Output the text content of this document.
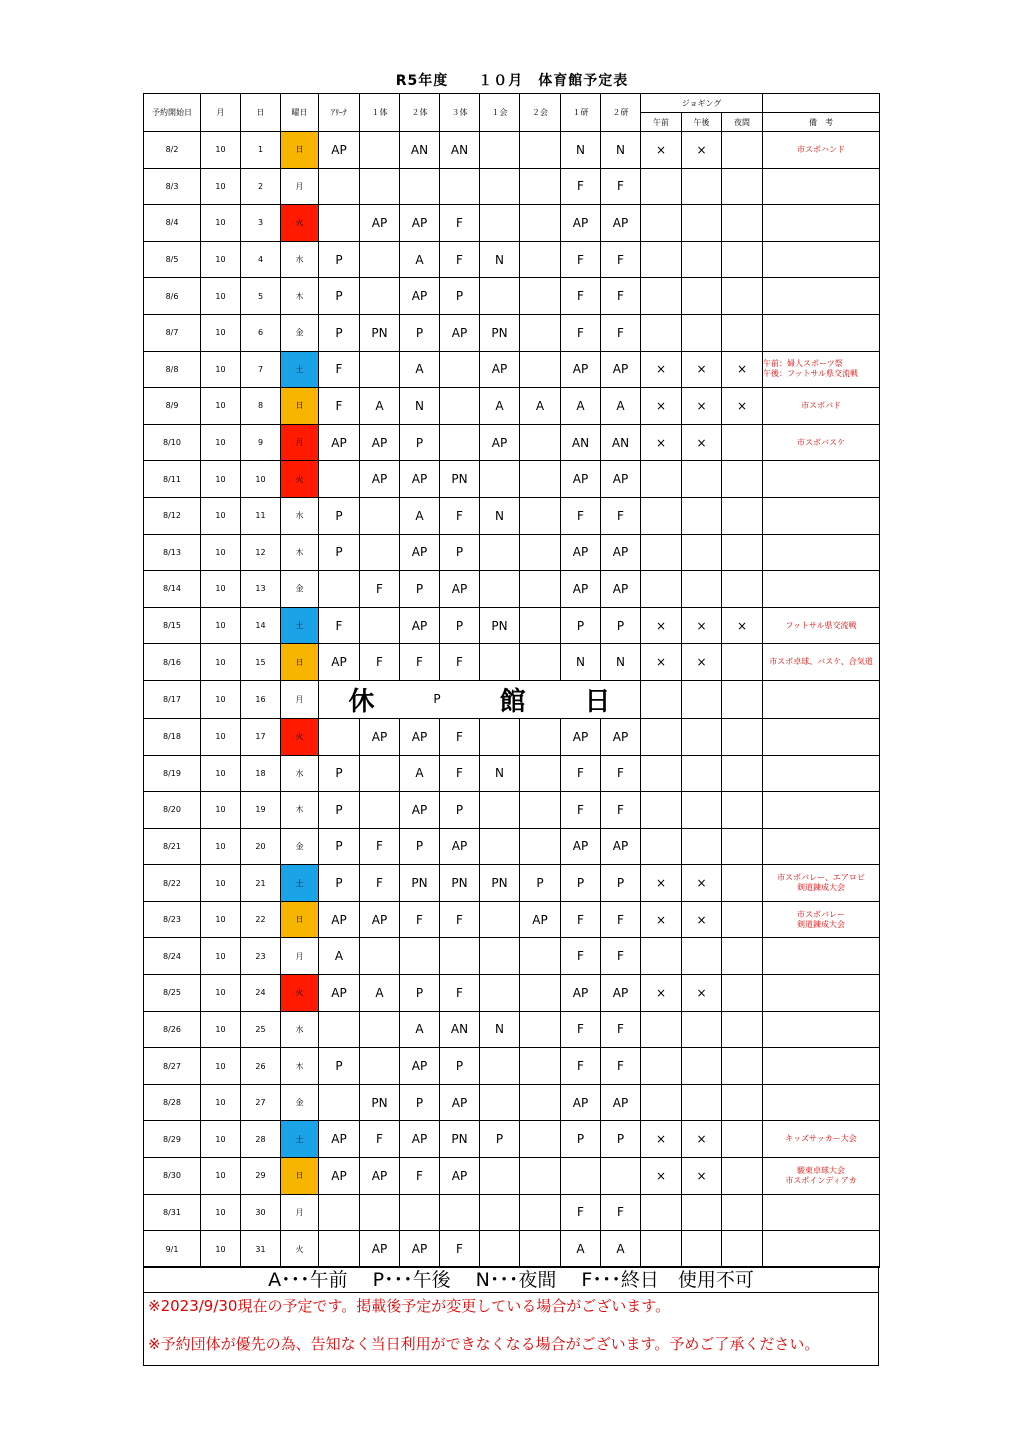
R5年度　　１０月　体育館予定表
予約開始日	月	日	曜日	ｱﾘｰﾅ	１体	２体	３体	１会	２会	１研	２研	ジョギング			
												午前	午後	夜間	備　考
8/2	10	1	日	AP		AN	AN			N	N	×	×		市スポハンド

8/3	10	2	月							F	F				
8/4	10	3	火		AP	AP	F			AP	AP				
8/5	10	4	水	P		A	F	N		F	F				
8/6	10	5	木	P		AP	P			F	F				
8/7	10	6	金	P	PN	P	AP	PN		F	F				
8/8	10	7	土	F		A		AP		AP	AP	×	×	×	午前：婦人スポーツ祭
午後：フットサル県交流戦

8/9	10	8	日	F	A	N		A	A	A	A	×	×	×	市スポバド

8/10	10	9	月	AP	AP	P		AP		AN	AN	×	×		市スポバスケ

8/11	10	10	火		AP	AP	PN			AP	AP				
8/12	10	11	水	P		A	F	N		F	F				
8/13	10	12	木	P		AP	P			AP	AP				
8/14	10	13	金		F	P	AP			AP	AP				
8/15	10	14	土	F		AP	P	PN		P	P	×	×	×	フットサル県交流戦

8/16	10	15	日	AP	F	F	F			N	N	×	×		市スポ卓球、バスケ、合気道

8/17	10	16	月	休 P 館 日											

8/18	10	17	火		AP	AP	F			AP	AP				
8/19	10	18	水	P		A	F	N		F	F				
8/20	10	19	木	P		AP	P			F	F				
8/21	10	20	金	P	F	P	AP			AP	AP				
8/22	10	21	土	P	F	PN	PN	PN	P	P	P	×	×		市スポバレー、エアロビ
剣道錬成大会

8/23	10	22	日	AP	AP	F	F		AP	F	F	×	×		市スポバレー
剣道錬成大会

8/24	10	23	月	A						F	F				
8/25	10	24	火	AP	A	P	F			AP	AP	×	×		
8/26	10	25	水			A	AN	N		F	F				
8/27	10	26	木	P		AP	P			F	F				
8/28	10	27	金		PN	P	AP			AP	AP				
8/29	10	28	土	AP	F	AP	PN	P		P	P	×	×		キッズサッカー大会

8/30	10	29	日	AP	AP	F	AP					×	×		駿東卓球大会
市スポインディアカ

8/31	10	30	月							F	F				
9/1	10	31	火		AP	AP	F			A	A				
A･･･午前　 P･･･午後　 N･･･夜間　 F･･･終日　使用不可

※2023/9/30現在の予定です。掲載後予定が変更している場合がございます。

※予約団体が優先の為、告知なく当日利用ができなくなる場合がございます。予めご了承ください。
